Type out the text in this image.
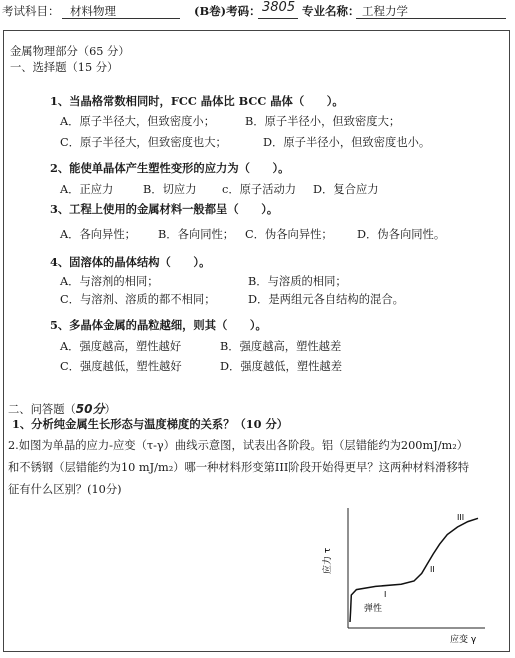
考试科目： 材料物理	(B卷)考码： 3805 专业名称： 工程力学
金属物理部分（65 分）
一、选择题（15 分）
1、当晶格常数相同时，FCC 晶体比 BCC 晶体（　　）。
A．原子半径大，但致密度小；	B．原子半径小，但致密度大；
C．原子半径大，但致密度也大；	D．原子半径小，但致密度也小。
2、能使单晶体产生塑性变形的应力为（　　）。
A．正应力	B．切应力 c．原子活动力 D．复合应力
3、工程上使用的金属材料一般都呈（　　）。
A．各向异性； B．各向同性； C．伪各向异性； D．伪各向同性。
4、固溶体的晶体结构（　　）。
A．与溶剂的相同；	B．与溶质的相同；
C．与溶剂、溶质的都不相同；	D．是两组元各自结构的混合。
5、多晶体金属的晶粒越细，则其（　　）。
A．强度越高，塑性越好	B．强度越高，塑性越差
C．强度越低，塑性越好	D．强度越低，塑性越差
二、问答题（50分）
1、分析纯金属生长形态与温度梯度的关系？（10 分）
2.如图为单晶的应力-应变（τ-γ）曲线示意图，试表出各阶段。铝（层错能约为200mJ/m₂）
和不锈钢（层错能约为10 mJ/m₂）哪一种材料形变第III阶段开始得更早？这两种材料滑移特
征有什么区别？(10分)
应力 τ
应变 γ
弹性
I
II
III
